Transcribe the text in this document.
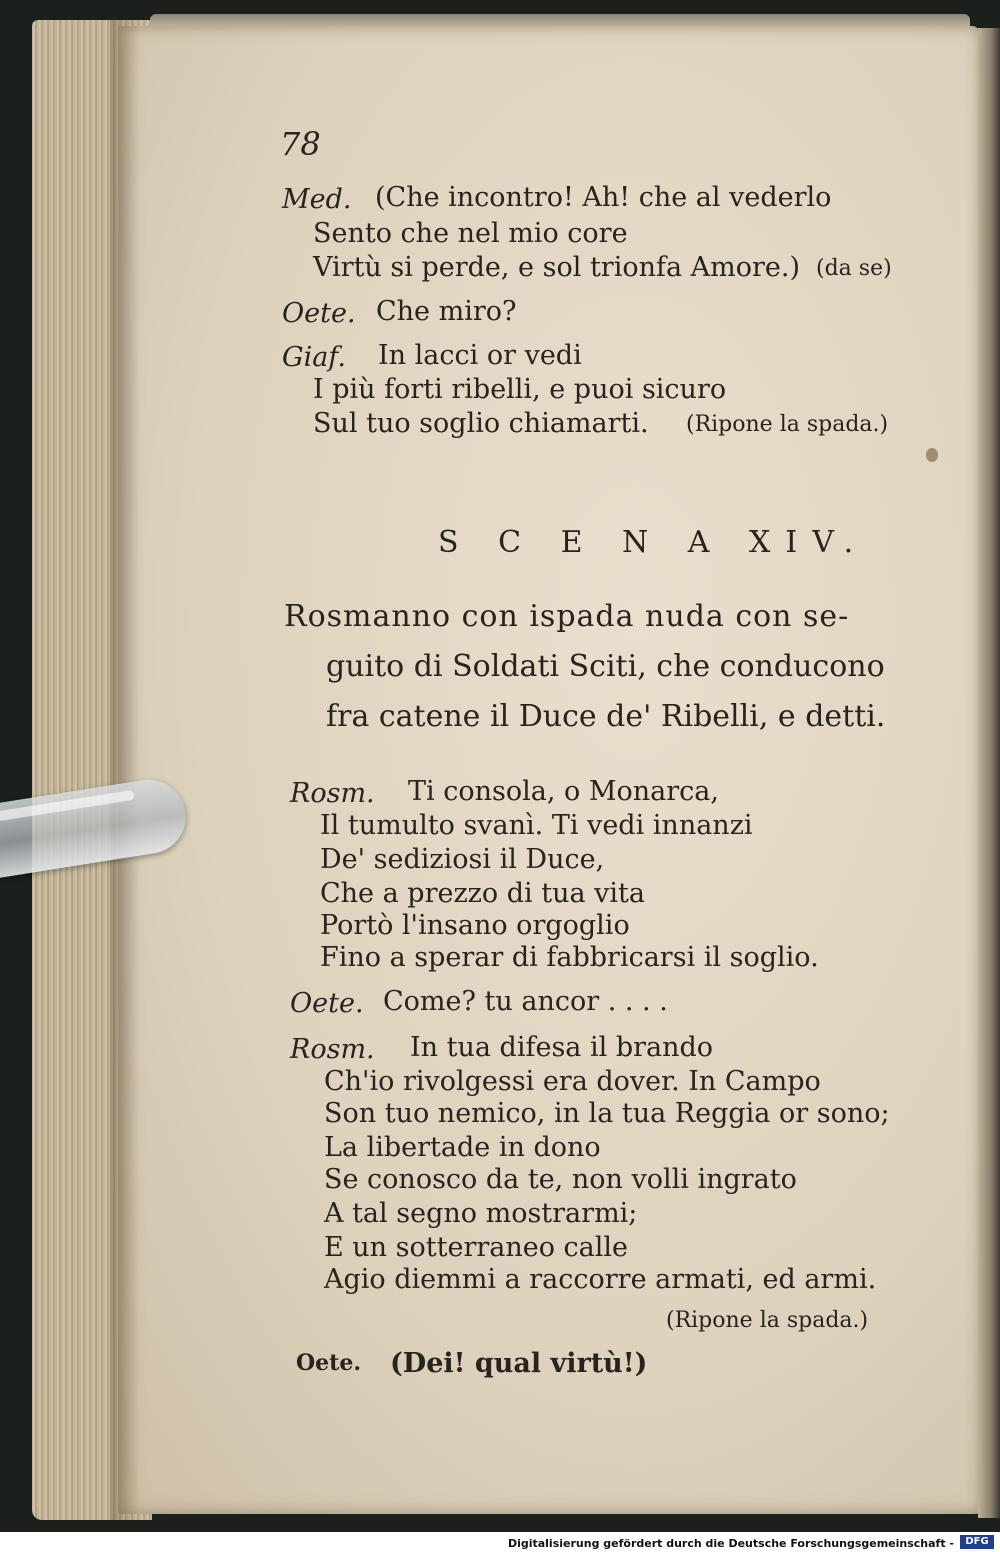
78
Med. (Che incontro! Ah! che al vederlo
Sento che nel mio core
Virtù si perde, e sol trionfa Amore.) (da se)
Oete. Che miro?
Giaf. In lacci or vedi
I più forti ribelli, e puoi sicuro
Sul tuo soglio chiamarti. (Ripone la spada.)
S C E N A XIV.
Rosmanno con ispada nuda con se-
guito di Soldati Sciti, che conducono
fra catene il Duce de' Ribelli, e detti.
Rosm. Ti consola, o Monarca,
Il tumulto svanì. Ti vedi innanzi
De' sediziosi il Duce,
Che a prezzo di tua vita
Portò l'insano orgoglio
Fino a sperar di fabbricarsi il soglio.
Oete. Come? tu ancor . . . .
Rosm. In tua difesa il brando
Ch'io rivolgessi era dover. In Campo
Son tuo nemico, in la tua Reggia or sono;
La libertade in dono
Se conosco da te, non volli ingrato
A tal segno mostrarmi;
E un sotterraneo calle
Agio diemmi a raccorre armati, ed armi.
(Ripone la spada.)
Oete. (Dei! qual virtù!)
Digitalisierung gefördert durch die Deutsche Forschungsgemeinschaft -	DFG
